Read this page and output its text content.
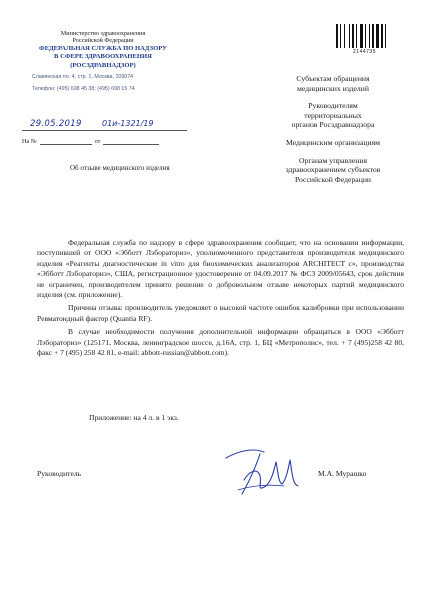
Министерство здравоохранения
Российской Федерации
ФЕДЕРАЛЬНАЯ СЛУЖБА ПО НАДЗОРУ
В СФЕРЕ ЗДРАВООХРАНЕНИЯ
(РОСЗДРАВНАДЗОР)
Славянская пл. 4, стр. 1, Москва, 109074
Телефон: (495) 698 45 38; (495) 698 15 74
29.05.2019	01и-1321/19
На №	от
Об отзыве медицинского изделия
2144735
Субъектам обращения
медицинских изделий
Руководителям
территориальных
органов Росздравнадзора
Медицинским организациям
Органам управления
здравоохранением субъектов
Российской Федерации

Федеральная служба по надзору в сфере здравоохранения сообщает, что на основании информации, поступившей от ООО «Эбботт Лэбораториз», уполномоченного представителя производителя медицинского изделия «Реагенты диагностические in vitro для биохимических анализаторов ARCHITECT c», производства «Эбботт Лэбораториз», США, регистрационное удостоверение от 04.09.2017 № ФСЗ 2009/05643, срок действия не ограничен, производителем принято решение о добровольном отзыве некоторых партий медицинского изделия (см. приложение).

Причина отзыва: производитель уведомляет о высокой частоте ошибок калибровки при использовании Ревматоидный фактор (Quantia RF).

В случае необходимости получения дополнительной информации обращаться в ООО «Эбботт Лэбораториз» (125171, Москва, ленинградское шоссе, д.16А, стр. 1, БЦ «Метрополис», тел. + 7 (495)258 42 80, факс + 7 (495) 258 42 81, e-mail: abbott-russian@abbott.com).

Приложение: на 4 л. в 1 экз.
Руководитель	М.А. Мурашко
